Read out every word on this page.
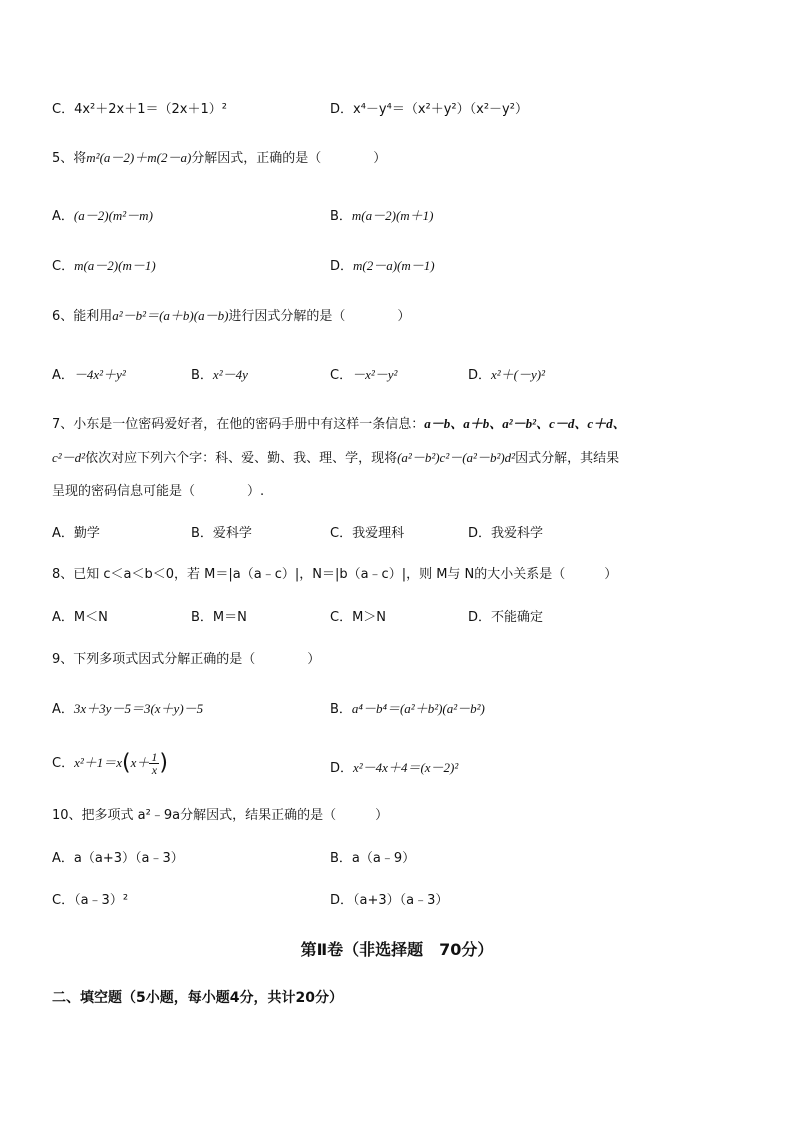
C．4x²＋2x＋1＝（2x＋1）²	D．x⁴－y⁴＝（x²＋y²）（x²－y²）
5、将m²(a－2)＋m(2－a)分解因式，正确的是（　　　　）
A．(a－2)(m²－m)	B．m(a－2)(m＋1)
C．m(a－2)(m－1)	D．m(2－a)(m－1)
6、能利用a²－b²＝(a＋b)(a－b)进行因式分解的是（　　　　）
A．－4x²＋y²	B．x²－4y	C．－x²－y²	D．x²＋(－y)²
7、小东是一位密码爱好者，在他的密码手册中有这样一条信息：a－b、a＋b、a²－b²、c－d、c＋d、
c²－d²依次对应下列六个字：科、爱、勤、我、理、学，现将(a²－b²)c²－(a²－b²)d²因式分解，其结果
呈现的密码信息可能是（　　　　）.
A．勤学	B．爱科学	C．我爱理科	D．我爱科学
8、已知 c＜a＜b＜0，若 M＝|a（a﹣c）|，N＝|b（a﹣c）|，则 M与 N的大小关系是（　　　）
A．M＜N	B．M＝N	C．M＞N	D．不能确定
9、下列多项式因式分解正确的是（　　　　）
A．3x＋3y－5＝3(x＋y)－5	B．a⁴－b⁴＝(a²＋b²)(a²－b²)
C．$x^2+1=x(x+ \frac{1}{x}$ )	D．x²－4x＋4＝(x－2)²
10、把多项式 a²﹣9a分解因式，结果正确的是（　　　）
A．a（a+3）（a﹣3）	B．a（a﹣9）
C．（a﹣3）²	D．（a+3）（a﹣3）
第Ⅱ卷（非选择题　70分）
二、填空题（5小题，每小题4分，共计20分）
